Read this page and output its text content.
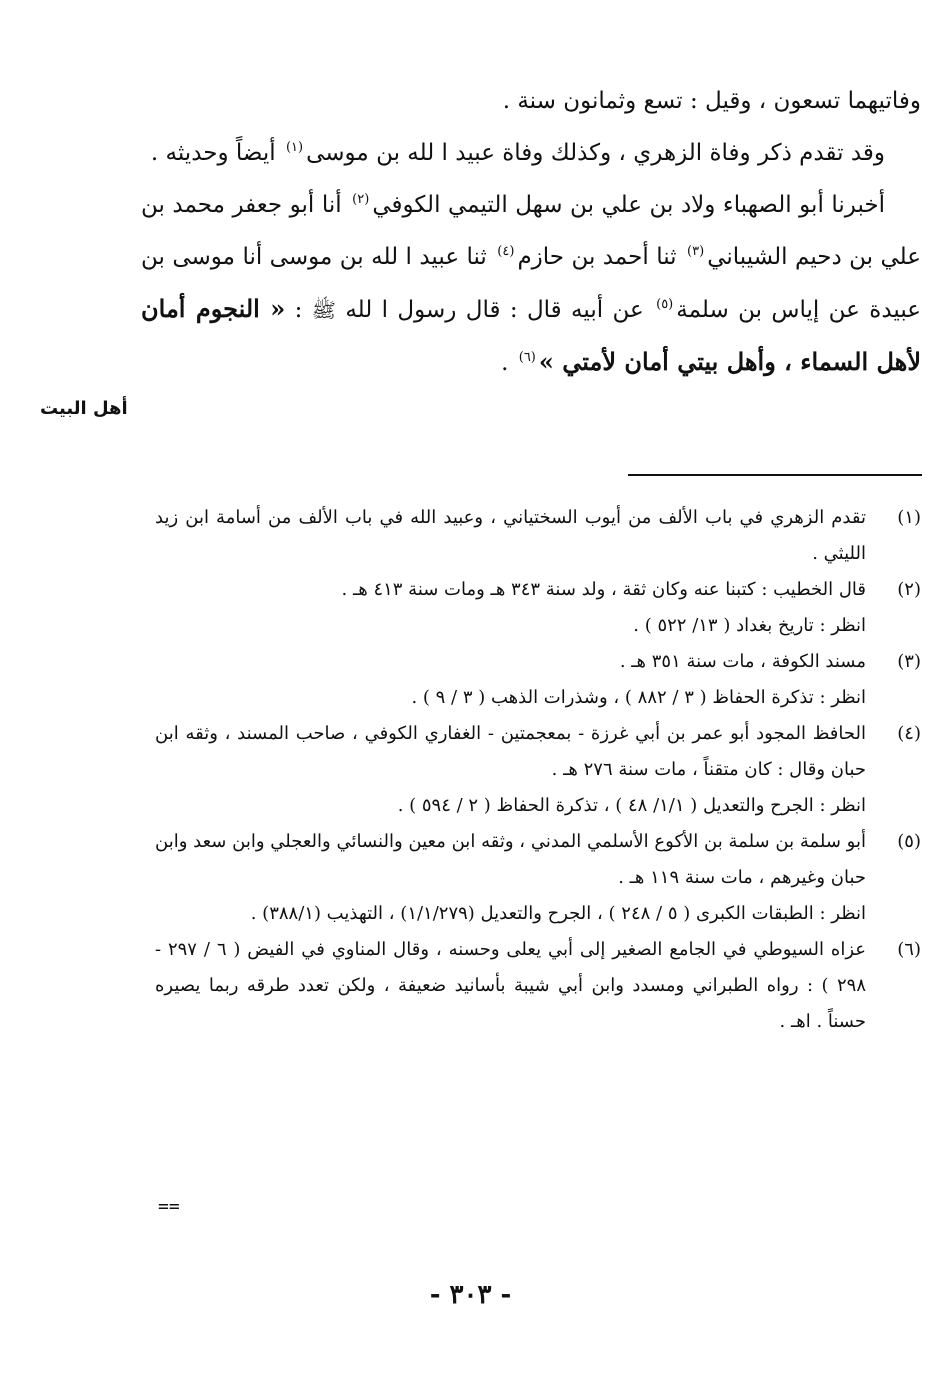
وفاتيهما تسعون ، وقيل : تسع وثمانون سنة .

وقد تقدم ذكر وفاة الزهري ، وكذلك وفاة عبيد ا لله بن موسى$^{(١)}$ أيضاً وحديثه .

أخبرنا أبو الصهباء ولاد بن علي بن سهل التيمي الكوفي$^{(٢)}$ أنا أبو جعفر محمد بن علي بن دحيم الشيباني$^{(٣)}$ ثنا أحمد بن حازم$^{(٤)}$ ثنا عبيد ا لله بن موسى أنا موسى بن عبيدة عن إياس بن سلمة$^{(٥)}$ عن أبيه قال : قال رسول ا لله ﷺ : « النجوم أمان لأهل السماء ، وأهل بيتي أمان لأمتي »$^{(٦)}$ .

أهل البيت
(١)
تقدم الزهري في باب الألف من أيوب السختياني ، وعبيد الله في باب الألف من أسامة ابن زيد الليثي .
(٢)
قال الخطيب : كتبنا عنه وكان ثقة ، ولد سنة ٣٤٣ هـ ومات سنة ٤١٣ هـ .
انظر : تاريخ بغداد ( ١٣/ ٥٢٢ ) .
(٣)
مسند الكوفة ، مات سنة ٣٥١ هـ .
انظر : تذكرة الحفاظ ( ٣ / ٨٨٢ ) ، وشذرات الذهب ( ٣ / ٩ ) .
(٤)
الحافظ المجود أبو عمر بن أبي غرزة - بمعجمتين - الغفاري الكوفي ، صاحب المسند ، وثقه ابن حبان وقال : كان متقناً ، مات سنة ٢٧٦ هـ .
انظر : الجرح والتعديل ( ١/١/ ٤٨ ) ، تذكرة الحفاظ ( ٢ / ٥٩٤ ) .
(٥)
أبو سلمة بن سلمة بن الأكوع الأسلمي المدني ، وثقه ابن معين والنسائي والعجلي وابن سعد وابن حبان وغيرهم ، مات سنة ١١٩ هـ .
انظر : الطبقات الكبرى ( ٥ / ٢٤٨ ) ، الجرح والتعديل (١/١/٢٧٩) ، التهذيب (٣٨٨/١) .
(٦)
عزاه السيوطي في الجامع الصغير إلى أبي يعلى وحسنه ، وقال المناوي في الفيض ( ٦ / ٢٩٧ - ٢٩٨ ) : رواه الطبراني ومسدد وابن أبي شيبة بأسانيد ضعيفة ، ولكن تعدد طرقه ربما يصيره حسناً . اهـ .
==
- ٣٠٣ -
